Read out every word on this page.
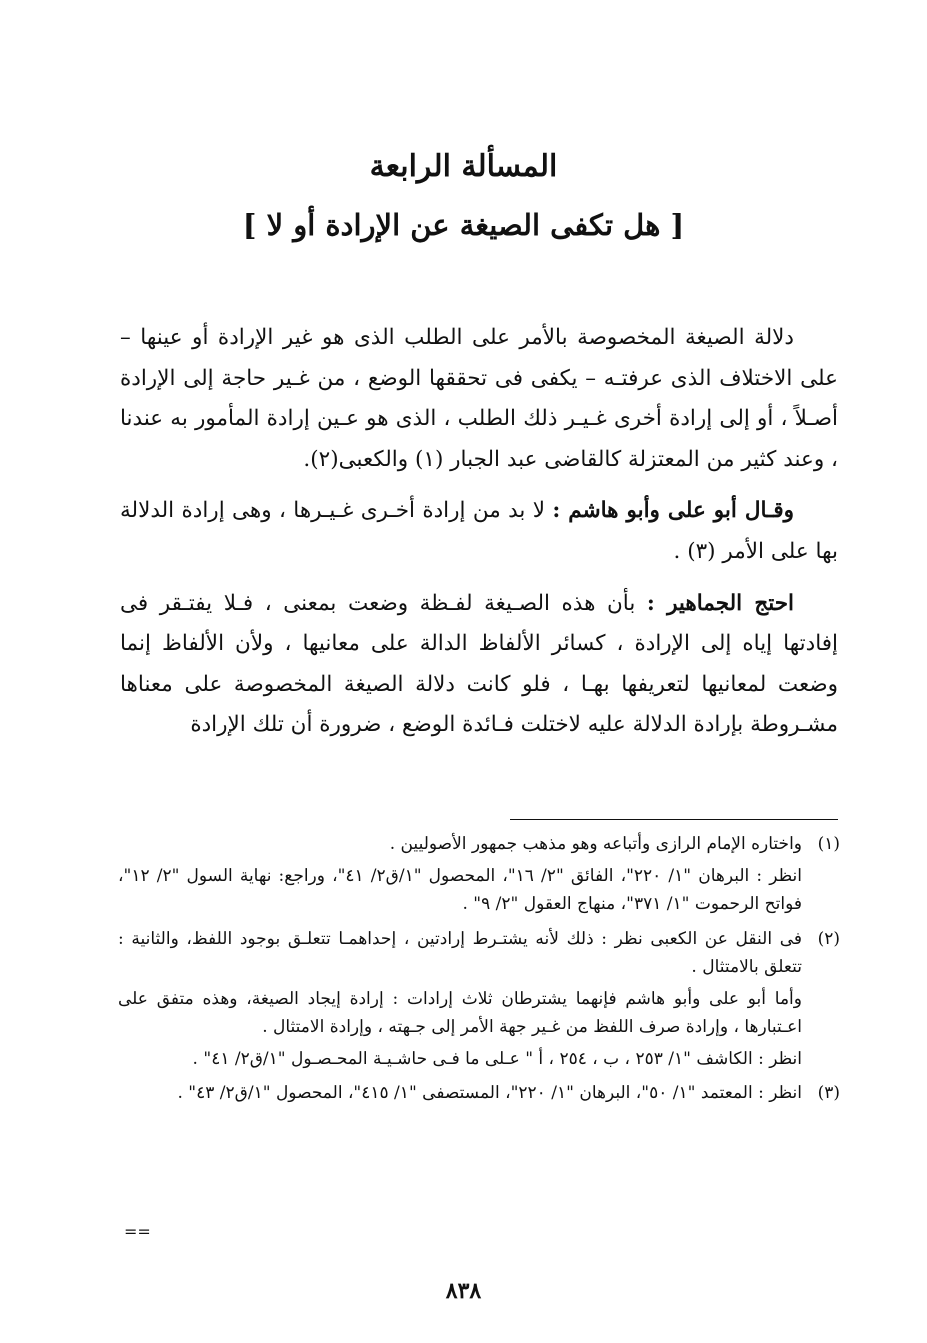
المسألة الرابعة
[ هل تكفى الصيغة عن الإرادة أو لا ]

دلالة الصيغة المخصوصة بالأمر على الطلب الذى هو غير الإرادة أو عينها – على الاختلاف الذى عرفتـه – يكفى فى تحققها الوضع ، من غـير حاجة إلى الإرادة أصـلاً ، أو إلى إرادة أخرى غـيـر ذلك الطلب ، الذى هو عـين إرادة المأمور به عندنا ، وعند كثير من المعتزلة كالقاضى عبد الجبار (١) والكعبى(٢).

وقـال أبو على وأبو هاشم : لا بد من إرادة أخـرى غـيـرها ، وهى إرادة الدلالة بها على الأمر (٣) .

احتج الجماهير : بأن هذه الصـيغة لفـظة وضعت بمعنى ، فـلا يفتـقر فى إفادتها إياه إلى الإرادة ، كسائر الألفاظ الدالة على معانيها ، ولأن الألفاظ إنما وضعت لمعانيها لتعريفها بهـا ، فلو كانت دلالة الصيغة المخصوصة على معناها مشـروطة بإرادة الدلالة عليه لاختلت فـائدة الوضع ، ضرورة أن تلك الإرادة

(١)

واختاره الإمام الرازى وأتباعه وهو مذهب جمهور الأصوليين .

انظر : البرهان "١/ ٢٢٠"، الفائق "٢/ ١٦"، المحصول "١/ق٢/ ٤١"، وراجع: نهاية السول "٢/ ١٢"، فواتح الرحموت "١/ ٣٧١"، منهاج العقول "٢/ ٩" .

(٢)

فى النقل عن الكعبى نظر : ذلك لأنه يشتـرط إرادتين ، إحداهمـا تتعلـق بوجود اللفظ، والثانية : تتعلق بالامتثال .

وأما أبو على وأبو هاشم فإنهما يشترطان ثلاث إرادات : إرادة إيجاد الصيغة، وهذه متفق على اعـتبارها ، وإرادة صرف اللفظ من غـير جهة الأمر إلى جـهته ، وإرادة الامتثال .

انظر : الكاشف "١/ ٢٥٣ ، ب ، ٢٥٤ ، أ " عـلى ما فـى حاشـيـة المحـصـول "١/ق٢/ ٤١" .

(٣)

انظر : المعتمد "١/ ٥٠"، البرهان "١/ ٢٢٠"، المستصفى "١/ ٤١٥"، المحصول "١/ق٢/ ٤٣" .

==
٨٣٨
